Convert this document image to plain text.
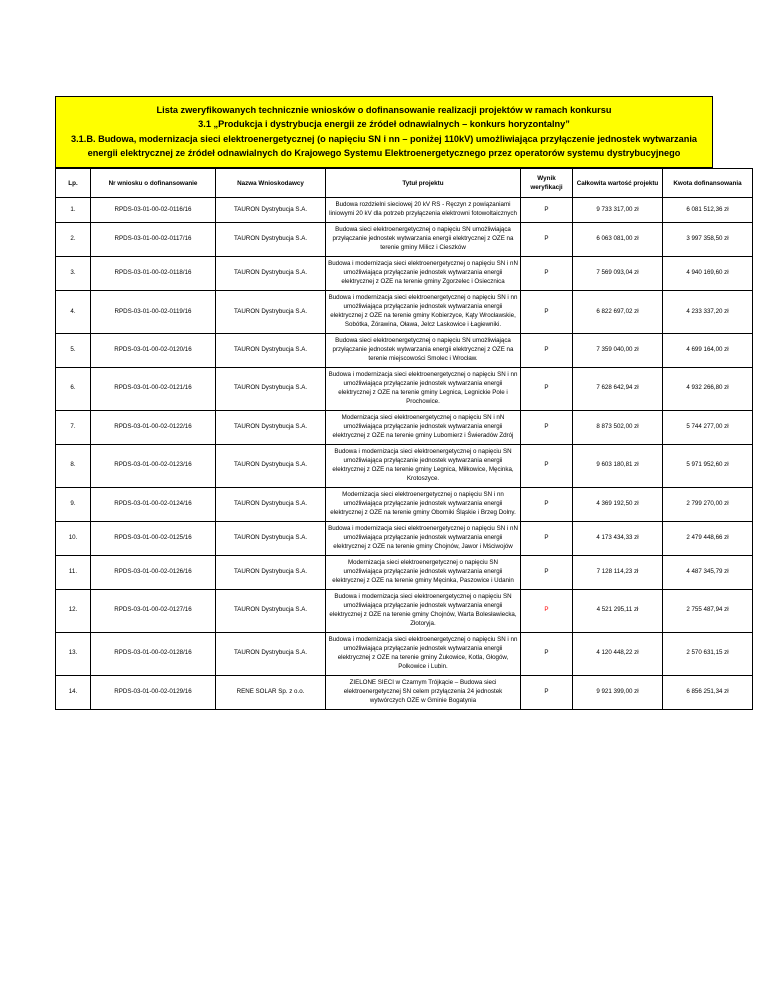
Lista zweryfikowanych technicznie wniosków o dofinansowanie realizacji projektów w ramach konkursu
3.1 „Produkcja i dystrybucja energii ze źródeł odnawialnych – konkurs horyzontalny”
3.1.B. Budowa, modernizacja sieci elektroenergetycznej (o napięciu SN i nn – poniżej 110kV) umożliwiająca przyłączenie jednostek wytwarzania energii elektrycznej ze źródeł odnawialnych do Krajowego Systemu Elektroenergetycznego przez operatorów systemu dystrybucyjnego
Lp.	Nr wniosku o dofinansowanie	Nazwa Wnioskodawcy	Tytuł projektu	Wynik weryfikacji	Całkowita wartość projektu	Kwota dofinansowania
1.	RPDS-03-01-00-02-0116/16	TAURON Dystrybucja S.A.	Budowa rozdzielni sieciowej 20 kV RS - Ręczyn z powiązaniami liniowymi 20 kV dla potrzeb przyłączenia elektrowni fotowoltaicznych	P	9 733 317,00 zł	6 081 512,36 zł
2.	RPDS-03-01-00-02-0117/16	TAURON Dystrybucja S.A.	Budowa sieci elektroenergetycznej o napięciu SN umożliwiająca przyłączanie jednostek wytwarzania energii elektrycznej z OZE na terenie gminy Milicz i Cieszków	P	6 063 081,00 zł	3 997 358,50 zł
3.	RPDS-03-01-00-02-0118/16	TAURON Dystrybucja S.A.	Budowa i modernizacja sieci elektroenergetycznej o napięciu SN i nN umożliwiająca przyłączanie jednostek wytwarzania energii elektrycznej z OZE na terenie gminy Zgorzelec i Osiecznica	P	7 569 093,04 zł	4 940 169,60 zł
4.	RPDS-03-01-00-02-0119/16	TAURON Dystrybucja S.A.	Budowa i modernizacja sieci elektroenergetycznej o napięciu SN i nn umożliwiająca przyłączanie jednostek wytwarzania energii elektrycznej z OZE na terenie gminy Kobierzyce, Kąty Wrocławskie, Sobótka, Żórawina, Oława, Jelcz Laskowice i Łagiewniki.	P	6 822 697,02 zł	4 233 337,20 zł
5.	RPDS-03-01-00-02-0120/16	TAURON Dystrybucja S.A.	Budowa sieci elektroenergetycznej o napięciu SN umożliwiająca przyłączanie jednostek wytwarzania energii elektrycznej z OZE na terenie miejscowości Smolec i Wrocław.	P	7 359 040,00 zł	4 699 164,00 zł
6.	RPDS-03-01-00-02-0121/16	TAURON Dystrybucja S.A.	Budowa i modernizacja sieci elektroenergetycznej o napięciu SN i nn umożliwiająca przyłączanie jednostek wytwarzania energii elektrycznej z OZE na terenie gminy Legnica, Legnickie Pole i Prochowice.	P	7 628 642,94 zł	4 932 266,80 zł
7.	RPDS-03-01-00-02-0122/16	TAURON Dystrybucja S.A.	Modernizacja sieci elektroenergetycznej o napięciu SN i nN umożliwiająca przyłączanie jednostek wytwarzania energii elektrycznej z OZE na terenie gminy Lubomierz i Świeradów Zdrój	P	8 873 502,00 zł	5 744 277,00 zł
8.	RPDS-03-01-00-02-0123/16	TAURON Dystrybucja S.A.	Budowa i modernizacja sieci elektroenergetycznej o napięciu SN umożliwiająca przyłączanie jednostek wytwarzania energii elektrycznej z OZE na terenie gminy Legnica, Miłkowice, Męcinka, Krotoszyce.	P	9 603 180,81 zł	5 971 952,60 zł
9.	RPDS-03-01-00-02-0124/16	TAURON Dystrybucja S.A.	Modernizacja sieci elektroenergetycznej o napięciu SN i nn umożliwiająca przyłączanie jednostek wytwarzania energii elektrycznej z OZE na terenie gminy Oborniki Śląskie i Brzeg Dolny.	P	4 369 192,50 zł	2 799 270,00 zł
10.	RPDS-03-01-00-02-0125/16	TAURON Dystrybucja S.A.	Budowa i modernizacja sieci elektroenergetycznej o napięciu SN i nN umożliwiająca przyłączanie jednostek wytwarzania energii elektrycznej z OZE na terenie gminy Chojnów, Jawor i Mściwojów	P	4 173 434,33 zł	2 479 448,66 zł
11.	RPDS-03-01-00-02-0126/16	TAURON Dystrybucja S.A.	Modernizacja sieci elektroenergetycznej o napięciu SN umożliwiająca przyłączanie jednostek wytwarzania energii elektrycznej z OZE na terenie gminy Męcinka, Paszowice i Udanin	P	7 128 114,23 zł	4 487 345,79 zł
12.	RPDS-03-01-00-02-0127/16	TAURON Dystrybucja S.A.	Budowa i modernizacja sieci elektroenergetycznej o napięciu SN umożliwiająca przyłączanie jednostek wytwarzania energii elektrycznej z OZE na terenie gminy Chojnów, Warta Bolesławiecka, Złotoryja.	P	4 521 295,11 zł	2 755 487,94 zł
13.	RPDS-03-01-00-02-0128/16	TAURON Dystrybucja S.A.	Budowa i modernizacja sieci elektroenergetycznej o napięciu SN i nn umożliwiająca przyłączanie jednostek wytwarzania energii elektrycznej z OZE na terenie gminy Żukowice, Kotla, Głogów, Polkowice i Lubin.	P	4 120 448,22 zł	2 570 631,15 zł
14.	RPDS-03-01-00-02-0129/16	RENE SOLAR Sp. z o.o.	ZIELONE SIECI w Czarnym Trójkącie – Budowa sieci elektroenergetycznej SN celem przyłączenia 24 jednostek wytwórczych OZE w Gminie Bogatynia	P	9 921 399,00 zł	6 856 251,34 zł
